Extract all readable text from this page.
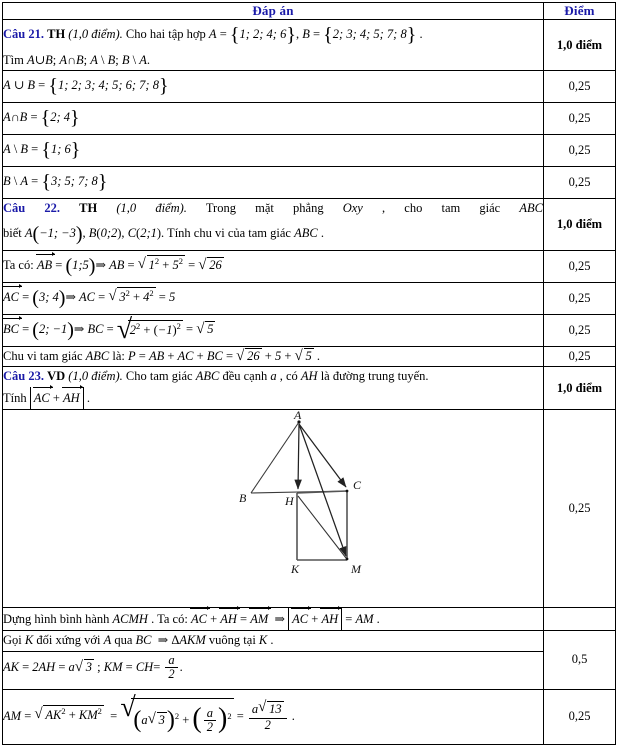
Đáp án	Điểm

Câu 21. TH (1,0 điểm). Cho hai tập hợp A = {1; 2; 4; 6}, B = {2; 3; 4; 5; 7; 8} .
Tìm A∪B; A∩B; A \ B; B \ A.	1,0 điểm
A ∪ B = {1; 2; 3; 4; 5; 6; 7; 8}	0,25
A∩B = {2; 4}	0,25
A \ B = {1; 6}	0,25
B \ A = {3; 5; 7; 8}	0,25

Câu 22. TH (1,0 điểm). Trong mặt phẳng Oxy , cho tam giác ABC
biết A(−1; −3), B(0;2), C(2;1). Tính chu vi của tam giác ABC .	1,0 điểm
Ta có: AB = (1;5)⇒ AB = √ $1^2 + 5^2$ = √ 26	0,25
AC = (3; 4)⇒ AC = √ $3^2 + 4^2 = 5$	0,25
BC = (2; −1)⇒ BC = √ $2^2 + (-1)^2$ = √ 5	0,25
Chu vi tam giác ABC là: P = AB + AC + BC = √ 26 + 5 + √ 5 .	0,25

Câu 23. VD (1,0 điểm). Cho tam giác ABC đều cạnh a , có AH là đường trung tuyến.
Tính AC + AH .	1,0 điểm

A
B
C
H
K	M
	0,25
Dựng hình bình hành ACMH . Ta có: AC + AH = AM ⇒ AC + AH = AM .	
Gọi K đối xứng với A qua BC ⇒ ΔAKM vuông tại K .	0,5
AK = 2AH = a √ 3 ; KM = $CH= \frac{a}{2}$ .
AM = √ $AK^2 + KM^2$ = √ (a √ 3)$^2$ + ( $\frac{a}{2} )^2 = \frac{a √ 13}{2}$ .	0,25
